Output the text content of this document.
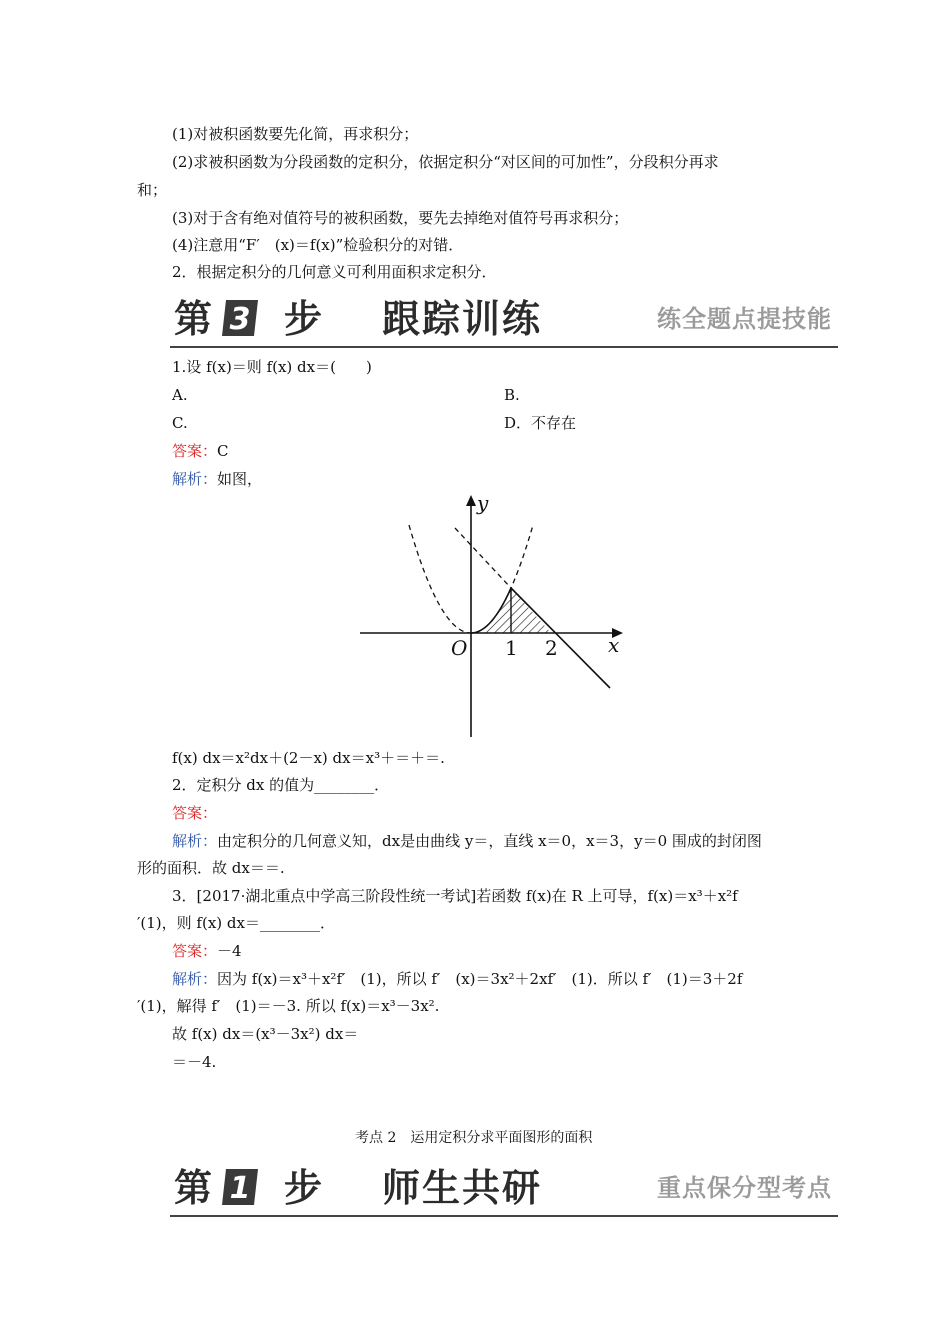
(1)对被积函数要先化简，再求积分；
(2)求被积函数为分段函数的定积分，依据定积分“对区间的可加性”，分段积分再求
和；
(3)对于含有绝对值符号的被积函数，要先去掉绝对值符号再求积分；
(4)注意用“F′　(x)＝f(x)”检验积分的对错．
2．根据定积分的几何意义可利用面积求定积分．
第 3 步 跟踪训练	练全题点提技能
1.设 f(x)＝则 f(x) dx＝(　　)
A.	B.
C.	D．不存在
答案：C
解析：如图，
y
x
O 1 2
f(x) dx＝x²dx＋(2－x) dx＝x³＋＝＋＝.
2．定积分 dx 的值为________．
答案：
解析：由定积分的几何意义知，dx是由曲线 y＝，直线 x＝0，x＝3，y＝0 围成的封闭图
形的面积．故 dx＝＝.
3．[2017·湖北重点中学高三阶段性统一考试]若函数 f(x)在 R 上可导，f(x)＝x³＋x²f
′(1)，则 f(x) dx＝________．
答案：－4
解析：因为 f(x)＝x³＋x²f′　(1)，所以 f′　(x)＝3x²＋2xf′　(1)．所以 f′　(1)＝3＋2f
′(1)，解得 f′　(1)＝－3. 所以 f(x)＝x³－3x².
故 f(x) dx＝(x³－3x²) dx＝
＝－4.
考点 2　运用定积分求平面图形的面积
第 1 步 师生共研	重点保分型考点
